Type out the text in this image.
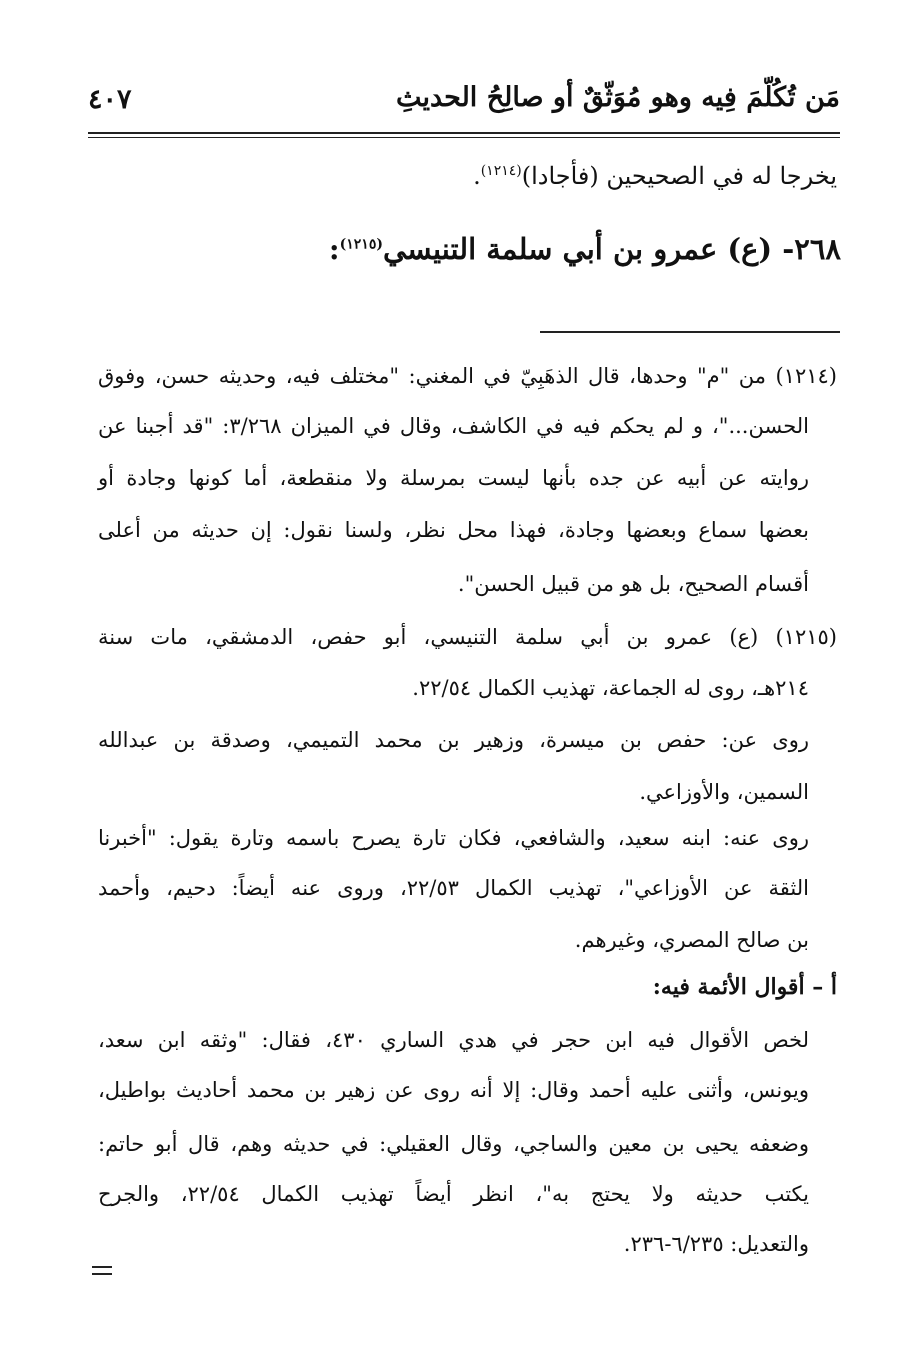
مَن تُكُلّمَ فِيه وهو مُوَثّقٌ أو صالِحُ الحديثِ
٤٠٧
يخرجا له في الصحيحين (فأجادا)$^{(١٢١٤)}$.
٢٦٨- (ع) عمرو بن أبي سلمة التنيسي$^{(١٢١٥)}$:
(١٢١٤) من "م" وحدها، قال الذهَبِيّ في المغني: "مختلف فيه، وحديثه حسن، وفوق
الحسن..."، و لم يحكم فيه في الكاشف، وقال في الميزان ٣/٢٦٨: "قد أجبنا عن
روايته عن أبيه عن جده بأنها ليست بمرسلة ولا منقطعة، أما كونها وجادة أو
بعضها سماع وبعضها وجادة، فهذا محل نظر، ولسنا نقول: إن حديثه من أعلى
أقسام الصحيح، بل هو من قبيل الحسن".
(١٢١٥) (ع) عمرو بن أبي سلمة التنيسي، أبو حفص، الدمشقي، مات سنة
٢١٤هـ، روى له الجماعة، تهذيب الكمال ٢٢/٥٤.
روى عن: حفص بن ميسرة، وزهير بن محمد التميمي، وصدقة بن عبدالله
السمين، والأوزاعي.
روى عنه: ابنه سعيد، والشافعي، فكان تارة يصرح باسمه وتارة يقول: "أخبرنا
الثقة عن الأوزاعي"، تهذيب الكمال ٢٢/٥٣، وروى عنه أيضاً: دحيم، وأحمد
بن صالح المصري، وغيرهم.
أ – أقوال الأئمة فيه:
لخص الأقوال فيه ابن حجر في هدي الساري ٤٣٠، فقال: "وثقه ابن سعد،
ويونس، وأثنى عليه أحمد وقال: إلا أنه روى عن زهير بن محمد أحاديث بواطيل،
وضعفه يحيى بن معين والساجي، وقال العقيلي: في حديثه وهم، قال أبو حاتم:
يكتب حديثه ولا يحتج به"، انظر أيضاً تهذيب الكمال ٢٢/٥٤، والجرح
والتعديل: ٦/٢٣٥-٢٣٦.
